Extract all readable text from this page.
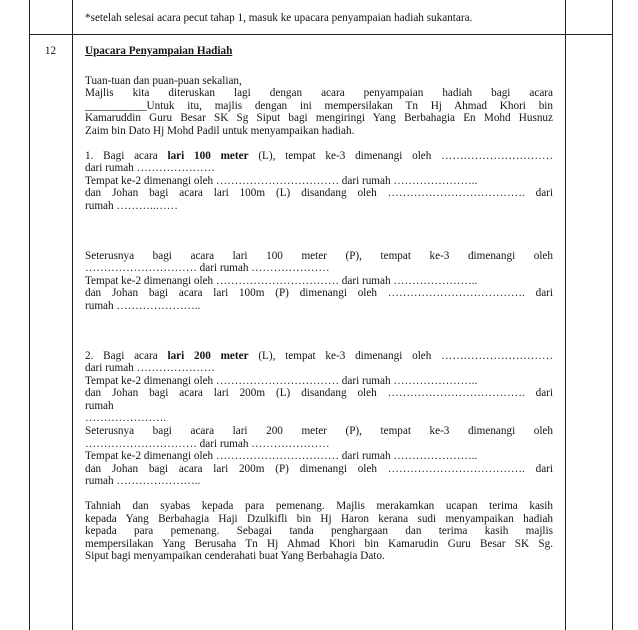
*setelah selesai acara pecut tahap 1, masuk ke upacara penyampaian hadiah sukantara.
12	Upacara Penyampaian Hadiah

Tuan-tuan dan puan-puan sekalian,

Majlis kita diteruskan lagi dengan acara penyampaian hadiah bagi acara

___________Untuk itu, majlis dengan ini mempersilakan Tn Hj Ahmad Khori bin

Kamaruddin Guru Besar SK Sg Siput bagi mengiringi Yang Berbahagia En Mohd Husnuz

Zaim bin Dato Hj Mohd Padil untuk menyampaikan hadiah.

1. Bagi acara lari 100 meter (L), tempat ke-3 dimenangi oleh …………………………

dari rumah …………………

Tempat ke-2 dimenangi oleh …………………………… dari rumah …………………..

dan Johan bagi acara lari 100m (L) disandang oleh ………………………………. dari

rumah ………..……

Seterusnya bagi acara lari 100 meter (P), tempat ke-3 dimenangi oleh

………………………… dari rumah …………………

Tempat ke-2 dimenangi oleh …………………………… dari rumah …………………..

dan Johan bagi acara lari 100m (P) dimenangi oleh ………………………………. dari

rumah …………………..

2. Bagi acara lari 200 meter (L), tempat ke-3 dimenangi oleh …………………………

dari rumah …………………

Tempat ke-2 dimenangi oleh …………………………… dari rumah …………………..

dan Johan bagi acara lari 200m (L) disandang oleh ………………………………. dari

rumah

………………….

Seterusnya bagi acara lari 200 meter (P), tempat ke-3 dimenangi oleh

………………………… dari rumah …………………

Tempat ke-2 dimenangi oleh …………………………… dari rumah …………………..

dan Johan bagi acara lari 200m (P) dimenangi oleh ………………………………. dari

rumah …………………..

Tahniah dan syabas kepada para pemenang. Majlis merakamkan ucapan terima kasih

kepada Yang Berbahagia Haji Dzulkifli bin Hj Haron kerana sudi menyampaikan hadiah

kepada para pemenang. Sebagai tanda penghargaan dan terima kasih majlis

mempersilakan Yang Berusaha Tn Hj Ahmad Khori bin Kamarudin Guru Besar SK Sg.

Siput bagi menyampaikan cenderahati buat Yang Berbahagia Dato.
